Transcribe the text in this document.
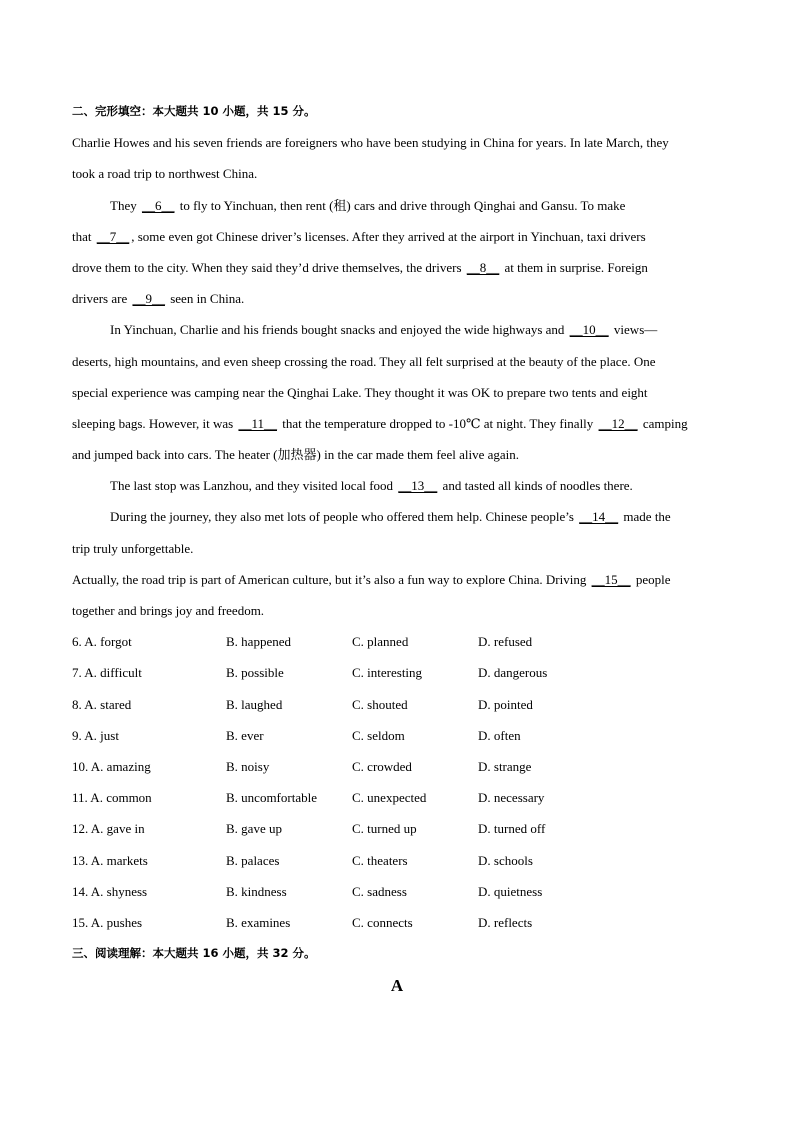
二、完形填空：本大题共 10 小题，共 15 分。
Charlie Howes and his seven friends are foreigners who have been studying in China for years. In late March, they
took a road trip to northwest China.
They __6__ to fly to Yinchuan, then rent (租) cars and drive through Qinghai and Gansu. To make
that __7__ , some even got Chinese driver’s licenses. After they arrived at the airport in Yinchuan, taxi drivers
drove them to the city. When they said they’d drive themselves, the drivers __8__ at them in surprise. Foreign
drivers are __9__ seen in China.
In Yinchuan, Charlie and his friends bought snacks and enjoyed the wide highways and __10__ views—
deserts, high mountains, and even sheep crossing the road. They all felt surprised at the beauty of the place. One
special experience was camping near the Qinghai Lake. They thought it was OK to prepare two tents and eight
sleeping bags. However, it was __11__ that the temperature dropped to -10℃ at night. They finally __12__ camping
and jumped back into cars. The heater (加热器) in the car made them feel alive again.
The last stop was Lanzhou, and they visited local food __13__ and tasted all kinds of noodles there.
During the journey, they also met lots of people who offered them help. Chinese people’s __14__ made the
trip truly unforgettable.
Actually, the road trip is part of American culture, but it’s also a fun way to explore China. Driving __15__ people
together and brings joy and freedom.
6. A. forgot	B. happened	C. planned	D. refused
7. A. difficult	B. possible	C. interesting	D. dangerous
8. A. stared	B. laughed	C. shouted	D. pointed
9. A. just	B. ever	C. seldom	D. often
10. A. amazing	B. noisy	C. crowded	D. strange
11. A. common	B. uncomfortable	C. unexpected	D. necessary
12. A. gave in	B. gave up	C. turned up	D. turned off
13. A. markets	B. palaces	C. theaters	D. schools
14. A. shyness	B. kindness	C. sadness	D. quietness
15. A. pushes	B. examines	C. connects	D. reflects
三、阅读理解：本大题共 16 小题，共 32 分。
A
